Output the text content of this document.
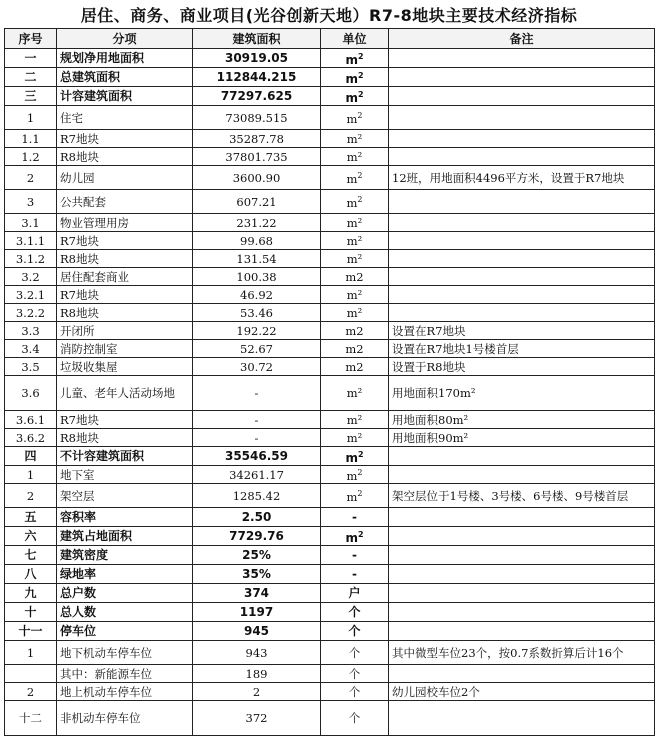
居住、商务、商业项目(光谷创新天地）R7-8地块主要技术经济指标
序号	分项	建筑面积	单位	备注
一	规划净用地面积	30919.05	$m^2$	
二	总建筑面积	112844.215	$m^2$	
三	计容建筑面积	77297.625	$m^2$	
1	住宅	73089.515	$m^2$	
1.1	R7地块	35287.78	m²	
1.2	R8地块	37801.735	m²	
2	幼儿园	3600.90	$m^2$	12班，用地面积4496平方米，设置于R7地块
3	公共配套	607.21	$m^2$	
3.1	物业管理用房	231.22	m²	
3.1.1	R7地块	99.68	m²	
3.1.2	R8地块	131.54	m²	
3.2	居住配套商业	100.38	m2	
3.2.1	R7地块	46.92	m²	
3.2.2	R8地块	53.46	m²	
3.3	开闭所	192.22	m2	设置在R7地块
3.4	消防控制室	52.67	m2	设置在R7地块1号楼首层
3.5	垃圾收集屋	30.72	m2	设置于R8地块
3.6	儿童、老年人活动场地	-	m²	用地面积170m²
3.6.1	R7地块	-	m²	用地面积80m²
3.6.2	R8地块	-	m²	用地面积90m²
四	不计容建筑面积	35546.59	$m^2$	
1	地下室	34261.17	$m^2$	
2	架空层	1285.42	$m^2$	架空层位于1号楼、3号楼、6号楼、9号楼首层
五	容积率	2.50	-	
六	建筑占地面积	7729.76	$m^2$	
七	建筑密度	25%	-	
八	绿地率	35%	-	
九	总户数	374	户	
十	总人数	1197	个	
十一	停车位	945	个	
1	地下机动车停车位	943	个	其中微型车位23个，按0.7系数折算后计16个
	其中：新能源车位	189	个	
2	地上机动车停车位	2	个	幼儿园校车位2个
十二	非机动车停车位	372	个	
